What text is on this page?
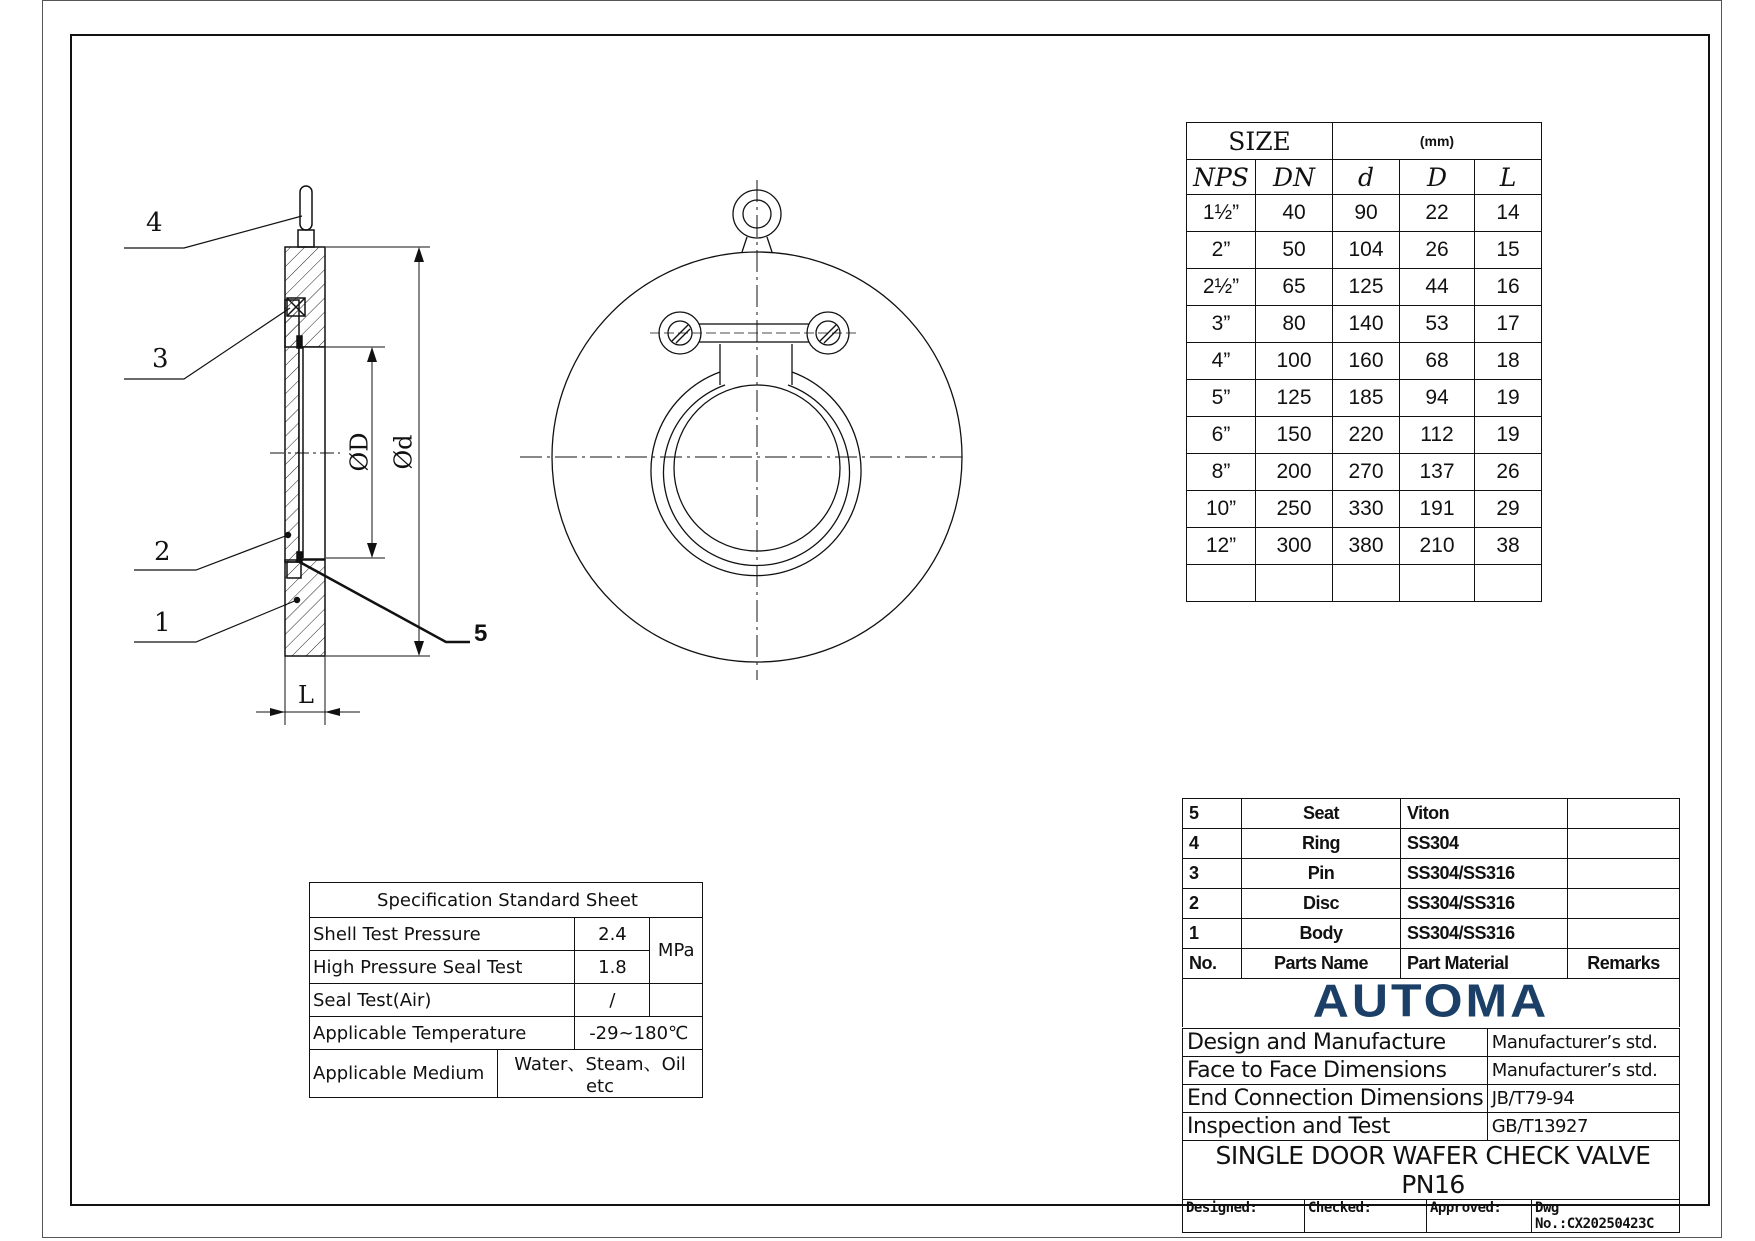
4
3
2
1	5
ØD Ød
L
SIZE		(mm)		
NPS	DN	d	D	L
1½”	40	90	22	14
2”	50	104	26	15
2½”	65	125	44	16
3”	80	140	53	17
4”	100	160	68	18
5”	125	185	94	19
6”	150	220	112	19
8”	200	270	137	26
10”	250	330	191	29
12”	300	380	210	38

Specification Standard Sheet			
Shell Test Pressure		2.4	MPa
High Pressure Seal Test		1.8	
Seal Test(Air)		/	
Applicable Temperature		-29~180℃	
Applicable Medium	Water、Steam、Oil etc		
5	Seat	Viton	
4	Ring	SS304	
3	Pin	SS304/SS316	
2	Disc	SS304/SS316	
1	Body	SS304/SS316	
No.	Parts Name	Part Material	Remarks
AUTOMA
Design and Manufacture			Manufacturer’s std.	
Face to Face Dimensions			Manufacturer’s std.	
End Connection Dimensions			JB/T79-94	
Inspection and Test			GB/T13927	
SINGLE DOOR WAFER CHECK VALVE PN16				
Designed:	Checked:	Approved:		Dwg No.:CX20250423C
